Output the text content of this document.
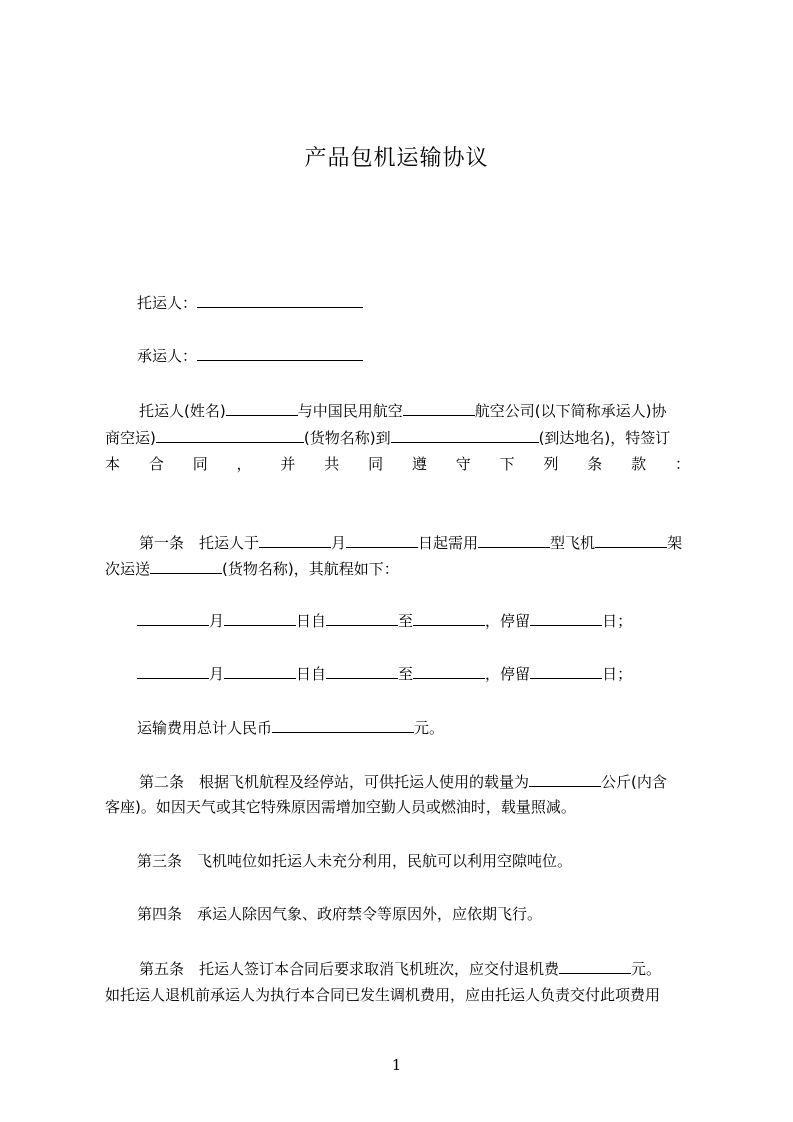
产品包机运输协议
托运人：
承运人：
托运人(姓名)	与中国民用航空	航空公司(以下简称承运人)协
商空运)	(货物名称)到	(到达地名)，特签订
本 合 同 ， 并 共 同 遵 守 下 列 条 款 ：
第一条　托运人于	月	日起需用	型飞机	架
次运送	(货物名称)，其航程如下：
月	日自	至	，停留	日；
月	日自	至	，停留	日；
运输费用总计人民币	元。
第二条　根据飞机航程及经停站，可供托运人使用的载量为	公斤(内含
客座)。如因天气或其它特殊原因需增加空勤人员或燃油时，载量照减。
第三条　飞机吨位如托运人未充分利用，民航可以利用空隙吨位。
第四条　承运人除因气象、政府禁令等原因外，应依期飞行。
第五条　托运人签订本合同后要求取消飞机班次，应交付退机费	元。
如托运人退机前承运人为执行本合同已发生调机费用，应由托运人负责交付此项费用
1
